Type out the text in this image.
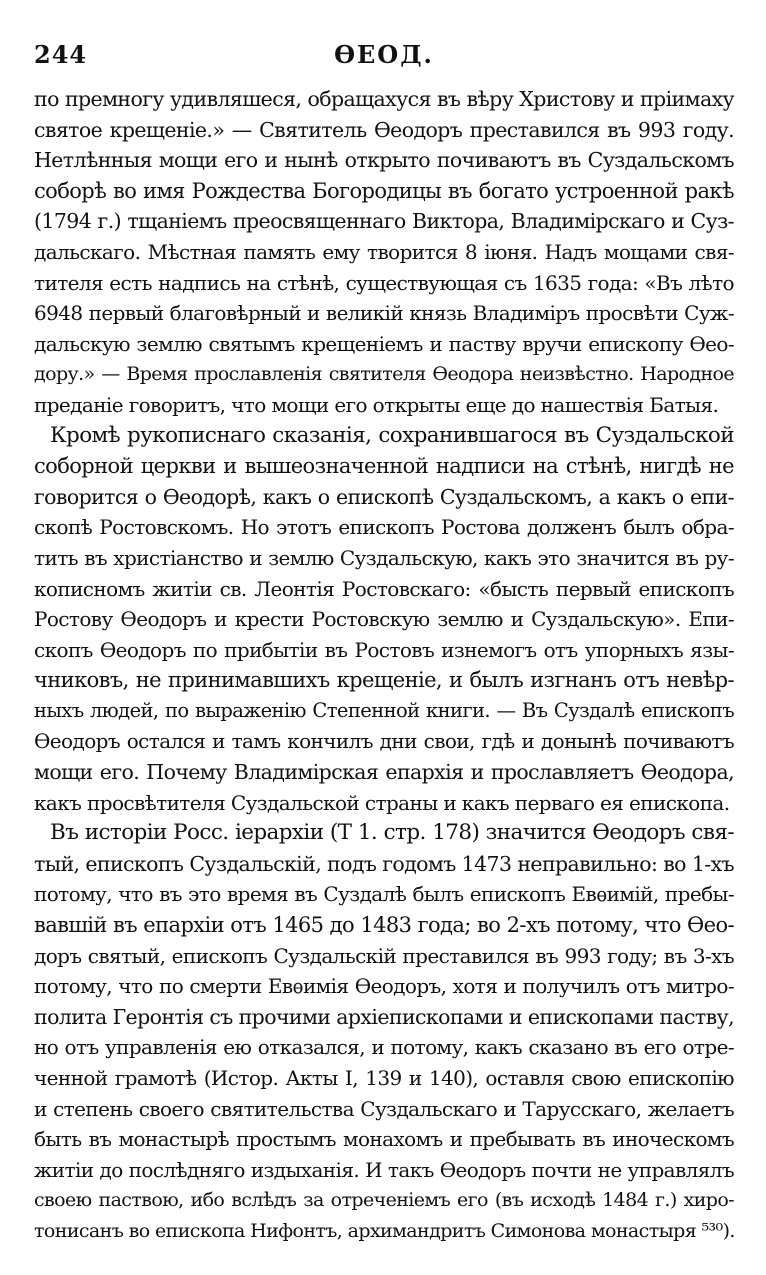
244	ѲЕОД.
по премногу удивляшеся, обращахуся въ вѣру Христову и прiимаху
святое крещенiе.» — Святитель Ѳеодоръ преставился въ 993 году.
Нетлѣнныя мощи его и нынѣ открыто почиваютъ въ Суздальскомъ
соборѣ во имя Рождества Богородицы въ богато устроенной ракѣ
(1794 г.) тщанiемъ преосвященнаго Виктора, Владимiрскаго и Суз-
дальскаго. Мѣстная память ему творится 8 iюня. Надъ мощами свя-
тителя есть надпись на стѣнѣ, существующая съ 1635 года: «Въ лѣто
6948 первый благовѣрный и великiй князь Владимiръ просвѣти Суж-
дальскую землю святымъ крещенiемъ и паству вручи епископу Ѳео-
дору.» — Время прославленiя святителя Ѳеодора неизвѣстно. Народное
преданiе говоритъ, что мощи его открыты еще до нашествiя Батыя.
Кромѣ рукописнаго сказанiя, сохранившагося въ Суздальской
соборной церкви и вышеозначенной надписи на стѣнѣ, нигдѣ не
говорится о Ѳеодорѣ, какъ о епископѣ Суздальскомъ, а какъ о епи-
скопѣ Ростовскомъ. Но этотъ епископъ Ростова долженъ былъ обра-
тить въ христiанство и землю Суздальскую, какъ это значится въ ру-
кописномъ житiи св. Леонтiя Ростовскаго: «бысть первый епископъ
Ростову Ѳеодоръ и крести Ростовскую землю и Суздальскую». Епи-
скопъ Ѳеодоръ по прибытiи въ Ростовъ изнемогъ отъ упорныхъ язы-
чниковъ, не принимавшихъ крещенiе, и былъ изгнанъ отъ невѣр-
ныхъ людей, по выраженiю Степенной книги. — Въ Суздалѣ епископъ
Ѳеодоръ остался и тамъ кончилъ дни свои, гдѣ и донынѣ почиваютъ
мощи его. Почему Владимiрская епархiя и прославляетъ Ѳеодора,
какъ просвѣтителя Суздальской страны и какъ перваго ея епископа.
Въ исторiи Росс. iерархiи (Т 1. стр. 178) значится Ѳеодоръ свя-
тый, епископъ Суздальскiй, подъ годомъ 1473 неправильно: во 1-хъ
потому, что въ это время въ Суздалѣ былъ епископъ Евѳимiй, пребы-
вавшiй въ епархiи отъ 1465 до 1483 года; во 2-хъ потому, что Ѳео-
доръ святый, епископъ Суздальскiй преставился въ 993 году; въ 3-хъ
потому, что по смерти Евѳимiя Ѳеодоръ, хотя и получилъ отъ митро-
полита Геронтiя съ прочими архiепископами и епископами паству,
но отъ управленiя ею отказался, и потому, какъ сказано въ его отре-
ченной грамотѣ (Истор. Акты I, 139 и 140), оставля свою епископiю
и степень своего святительства Суздальскаго и Тарусскаго, желаетъ
быть въ монастырѣ простымъ монахомъ и пребывать въ иноческомъ
житiи до послѣдняго издыханiя. И такъ Ѳеодоръ почти не управлялъ
своею паствою, ибо вслѣдъ за отреченiемъ его (въ исходѣ 1484 г.) хиро-
тонисанъ во епископа Нифонтъ, архимандритъ Симонова монастыря ⁵³⁰).
